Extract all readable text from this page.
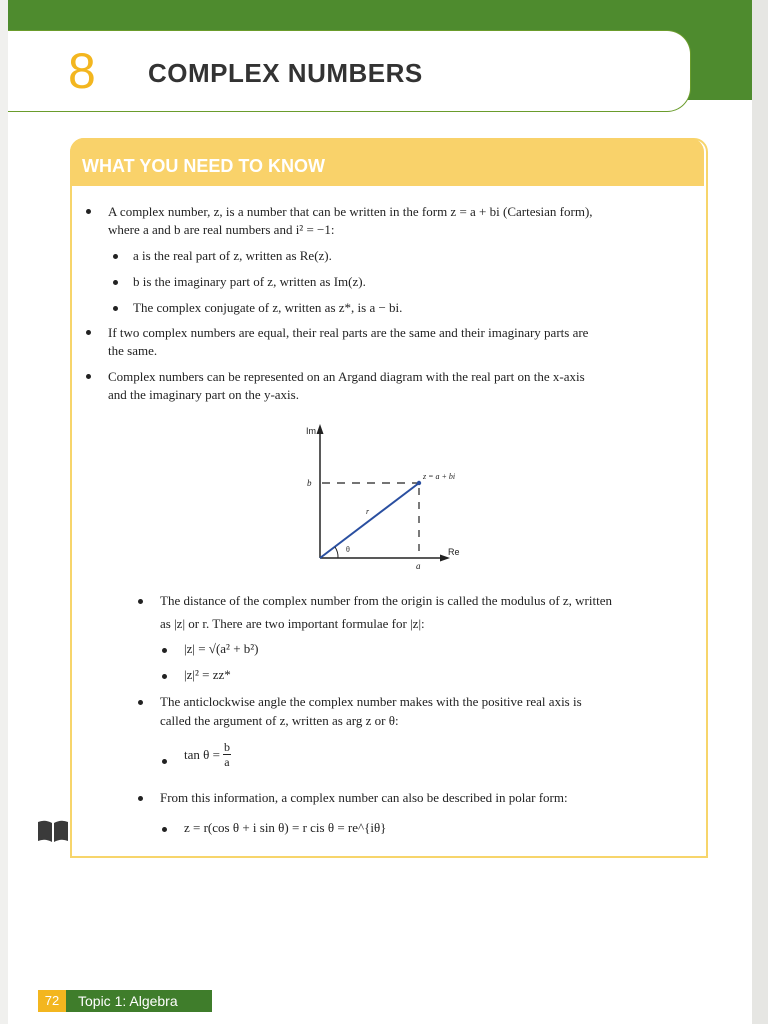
8 COMPLEX NUMBERS
WHAT YOU NEED TO KNOW
A complex number, z, is a number that can be written in the form z = a + bi (Cartesian form),
where a and b are real numbers and i² = −1:
a is the real part of z, written as Re(z).
b is the imaginary part of z, written as Im(z).
The complex conjugate of z, written as z*, is a − bi.
If two complex numbers are equal, their real parts are the same and their imaginary parts are
the same.
Complex numbers can be represented on an Argand diagram with the real part on the x-axis
and the imaginary part on the y-axis.
Im
Re
b
a
r
θ
z = a + bi
The distance of the complex number from the origin is called the modulus of z, written
as |z| or r. There are two important formulae for |z|:
|z| = √(a² + b²)
|z|² = zz*
The anticlockwise angle the complex number makes with the positive real axis is
called the argument of z, written as arg z or θ:
$\tan \theta = \frac{b}{a}$
From this information, a complex number can also be described in polar form:
z = r(cos θ + i sin θ) = r cis θ = re^{iθ}
72	Topic 1: Algebra
